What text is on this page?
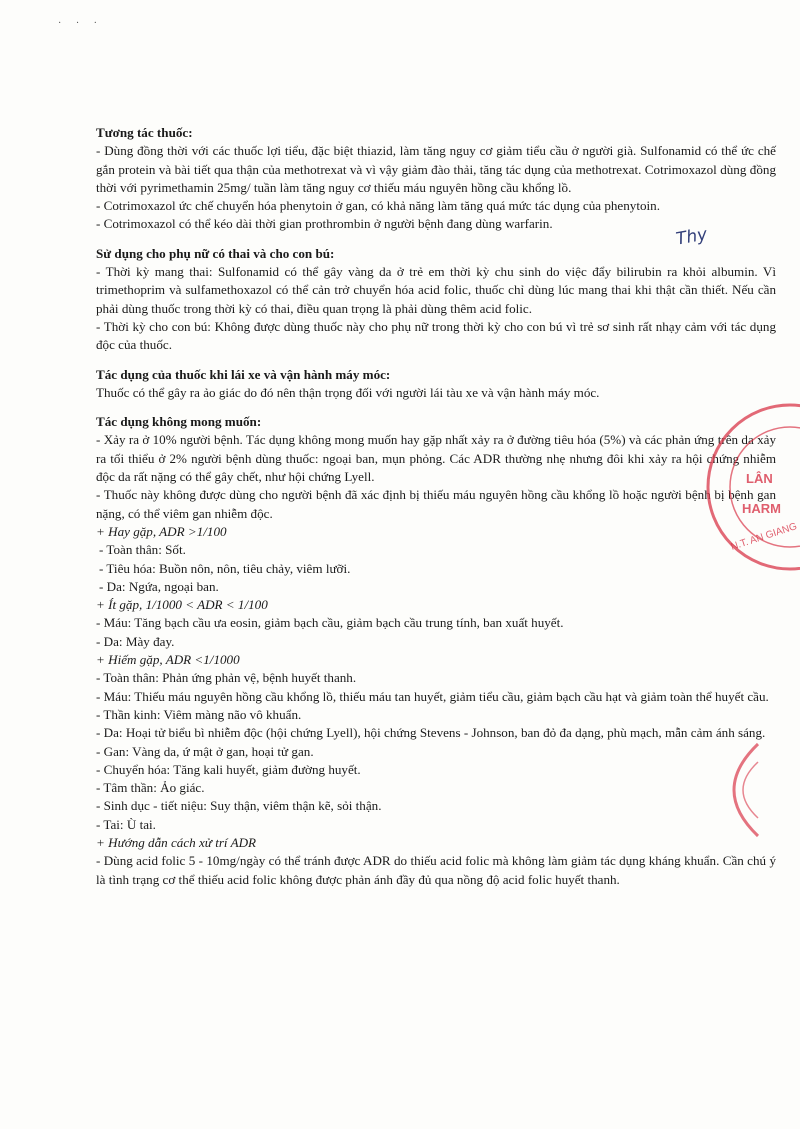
· · ·
Tương tác thuốc:
- Dùng đồng thời với các thuốc lợi tiểu, đặc biệt thiazid, làm tăng nguy cơ giảm tiểu cầu ở người già. Sulfonamid có thể ức chế gắn protein và bài tiết qua thận của methotrexat và vì vậy giảm đào thải, tăng tác dụng của methotrexat. Cotrimoxazol dùng đồng thời với pyrimethamin 25mg/ tuần làm tăng nguy cơ thiếu máu nguyên hồng cầu khổng lồ.
- Cotrimoxazol ức chế chuyển hóa phenytoin ở gan, có khả năng làm tăng quá mức tác dụng của phenytoin.
- Cotrimoxazol có thể kéo dài thời gian prothrombin ở người bệnh đang dùng warfarin.
Sử dụng cho phụ nữ có thai và cho con bú:
- Thời kỳ mang thai: Sulfonamid có thể gây vàng da ở trẻ em thời kỳ chu sinh do việc đẩy bilirubin ra khỏi albumin. Vì trimethoprim và sulfamethoxazol có thể cản trở chuyển hóa acid folic, thuốc chỉ dùng lúc mang thai khi thật cần thiết. Nếu cần phải dùng thuốc trong thời kỳ có thai, điều quan trọng là phải dùng thêm acid folic.
- Thời kỳ cho con bú: Không được dùng thuốc này cho phụ nữ trong thời kỳ cho con bú vì trẻ sơ sinh rất nhạy cảm với tác dụng độc của thuốc.
Tác dụng của thuốc khi lái xe và vận hành máy móc:
Thuốc có thể gây ra ảo giác do đó nên thận trọng đối với người lái tàu xe và vận hành máy móc.
Tác dụng không mong muốn:
- Xảy ra ở 10% người bệnh. Tác dụng không mong muốn hay gặp nhất xảy ra ở đường tiêu hóa (5%) và các phản ứng trên da xảy ra tối thiểu ở 2% người bệnh dùng thuốc: ngoại ban, mụn phỏng. Các ADR thường nhẹ nhưng đôi khi xảy ra hội chứng nhiễm độc da rất nặng có thể gây chết, như hội chứng Lyell.
- Thuốc này không được dùng cho người bệnh đã xác định bị thiếu máu nguyên hồng cầu khổng lồ hoặc người bệnh bị bệnh gan nặng, có thể viêm gan nhiễm độc.
+ Hay gặp, ADR >1/100
- Toàn thân: Sốt.
- Tiêu hóa: Buồn nôn, nôn, tiêu chảy, viêm lưỡi.
- Da: Ngứa, ngoại ban.
+ Ít gặp, 1/1000 < ADR < 1/100
- Máu: Tăng bạch cầu ưa eosin, giảm bạch cầu, giảm bạch cầu trung tính, ban xuất huyết.
- Da: Mày đay.
+ Hiếm gặp, ADR <1/1000
- Toàn thân: Phản ứng phản vệ, bệnh huyết thanh.
- Máu: Thiếu máu nguyên hồng cầu khổng lồ, thiếu máu tan huyết, giảm tiểu cầu, giảm bạch cầu hạt và giảm toàn thể huyết cầu.
- Thần kinh: Viêm màng não vô khuẩn.
- Da: Hoại tử biểu bì nhiễm độc (hội chứng Lyell), hội chứng Stevens - Johnson, ban đỏ đa dạng, phù mạch, mẫn cảm ánh sáng.
- Gan: Vàng da, ứ mật ở gan, hoại tử gan.
- Chuyển hóa: Tăng kali huyết, giảm đường huyết.
- Tâm thần: Ảo giác.
- Sinh dục - tiết niệu: Suy thận, viêm thận kẽ, sỏi thận.
- Tai: Ù tai.
+ Hướng dẫn cách xử trí ADR
- Dùng acid folic 5 - 10mg/ngày có thể tránh được ADR do thiếu acid folic mà không làm giảm tác dụng kháng khuẩn. Cần chú ý là tình trạng cơ thể thiếu acid folic không được phản ánh đầy đủ qua nồng độ acid folic huyết thanh.
Thy
LÂN
HARM
N.T. AN GIANG
